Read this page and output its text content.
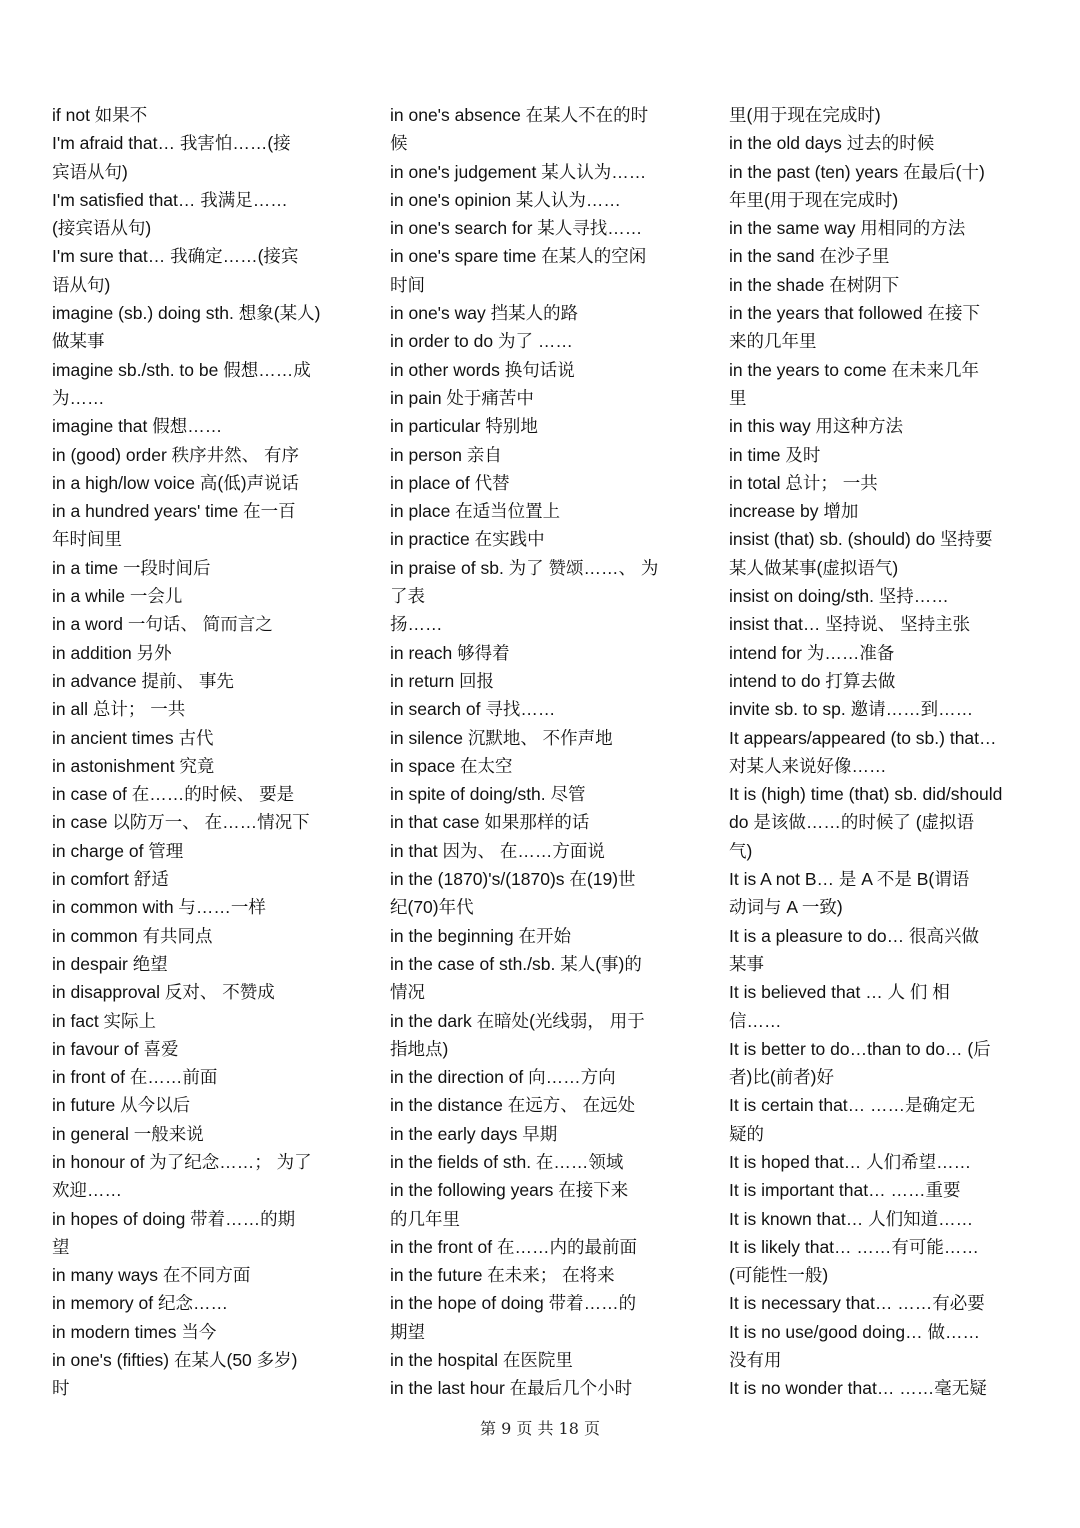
if not 如果不
I'm afraid that… 我害怕……(接
宾语从句)
I'm satisfied that… 我满足……
(接宾语从句)
I'm sure that… 我确定……(接宾
语从句)
imagine (sb.) doing sth. 想象(某人)
做某事
imagine sb./sth. to be 假想……成
为……
imagine that 假想……
in (good) order 秩序井然、 有序
in a high/low voice 高(低)声说话
in a hundred years' time 在一百
年时间里
in a time 一段时间后
in a while 一会儿
in a word 一句话、 简而言之
in addition 另外
in advance 提前、 事先
in all 总计； 一共
in ancient times 古代
in astonishment 究竟
in case of 在……的时候、 要是
in case 以防万一、 在……情况下
in charge of 管理
in comfort 舒适
in common with 与……一样
in common 有共同点
in despair 绝望
in disapproval 反对、 不赞成
in fact 实际上
in favour of 喜爱
in front of 在……前面
in future 从今以后
in general 一般来说
in honour of 为了纪念……； 为了
欢迎……
in hopes of doing 带着……的期
望
in many ways 在不同方面
in memory of 纪念……
in modern times 当今
in one's (fifties) 在某人(50 多岁)
时
in one's absence 在某人不在的时
候
in one's judgement 某人认为……
in one's opinion 某人认为……
in one's search for 某人寻找……
in one's spare time 在某人的空闲
时间
in one's way 挡某人的路
in order to do 为了 ……
in other words 换句话说
in pain 处于痛苦中
in particular 特别地
in person 亲自
in place of 代替
in place 在适当位置上
in practice 在实践中
in praise of sb. 为了 赞颂……、 为
了表
扬……
in reach 够得着
in return 回报
in search of 寻找……
in silence 沉默地、 不作声地
in space 在太空
in spite of doing/sth. 尽管
in that case 如果那样的话
in that 因为、 在……方面说
in the (1870)'s/(1870)s 在(19)世
纪(70)年代
in the beginning 在开始
in the case of sth./sb. 某人(事)的
情况
in the dark 在暗处(光线弱， 用于
指地点)
in the direction of 向……方向
in the distance 在远方、 在远处
in the early days 早期
in the fields of sth. 在……领域
in the following years 在接下来
的几年里
in the front of 在……内的最前面
in the future 在未来； 在将来
in the hope of doing 带着……的
期望
in the hospital 在医院里
in the last hour 在最后几个小时
里(用于现在完成时)
in the old days 过去的时候
in the past (ten) years 在最后(十)
年里(用于现在完成时)
in the same way 用相同的方法
in the sand 在沙子里
in the shade 在树阴下
in the years that followed 在接下
来的几年里
in the years to come 在未来几年
里
in this way 用这种方法
in time 及时
in total 总计； 一共
increase by 增加
insist (that) sb. (should) do 坚持要
某人做某事(虚拟语气)
insist on doing/sth. 坚持……
insist that… 坚持说、 坚持主张
intend for 为……准备
intend to do 打算去做
invite sb. to sp. 邀请……到……
It appears/appeared (to sb.) that…
对某人来说好像……
It is (high) time (that) sb. did/should
do 是该做……的时候了 (虚拟语
气)
It is A not B… 是 A 不是 B(谓语
动词与 A 一致)
It is a pleasure to do… 很高兴做
某事
It is believed that … 人 们 相
信……
It is better to do…than to do… (后
者)比(前者)好
It is certain that… ……是确定无
疑的
It is hoped that… 人们希望……
It is important that… ……重要
It is known that… 人们知道……
It is likely that… ……有可能……
(可能性一般)
It is necessary that… ……有必要
It is no use/good doing… 做……
没有用
It is no wonder that… ……毫无疑
第 9 页 共 18 页
